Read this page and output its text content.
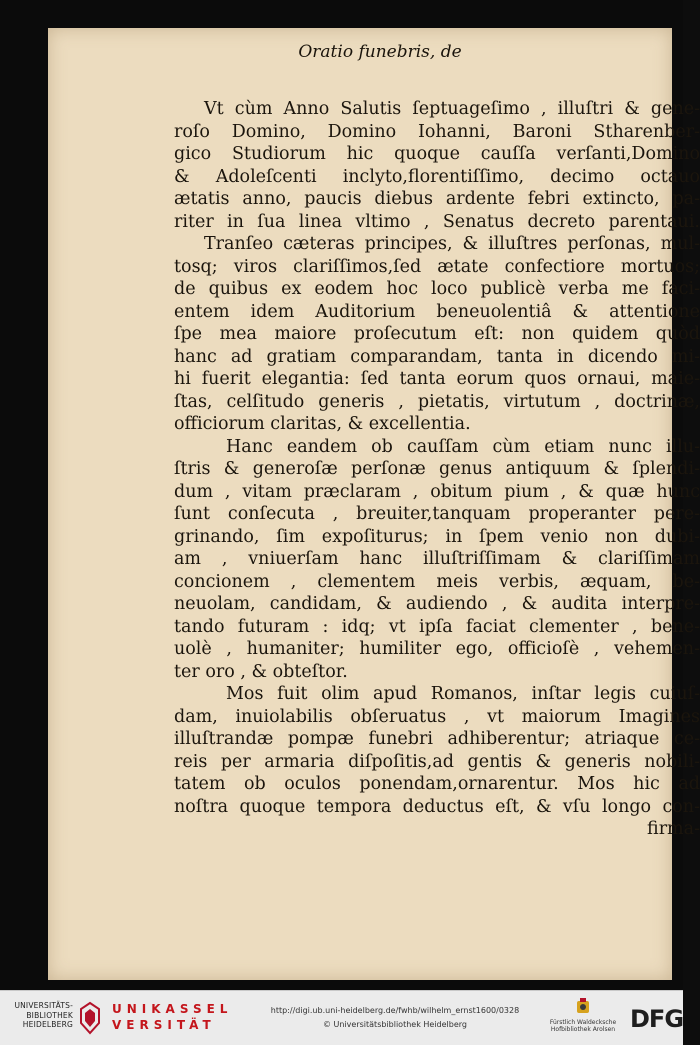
Oratio funebris, de
Vt cùm Anno Salutis ſeptuageſimo , illuſtri & gene-
roſo Domino, Domino Iohanni, Baroni Stharenber-
gico Studiorum hic quoque cauſſa verſanti,Domino
& Adoleſcenti inclyto,florentiſſimo, decimo octauo
ætatis anno, paucis diebus ardente febri extincto, pa-
riter in ſua linea vltimo , Senatus decreto parentaui.
Tranſeo cæteras principes, & illuſtres perſonas, mul-
tosq; viros clariſſimos,ſed ætate confectiore mortuos;
de quibus ex eodem hoc loco publicè verba me faci-
entem idem Auditorium beneuolentiâ & attentione
ſpe mea maiore proſecutum eſt: non quidem quòd
hanc ad gratiam comparandam, tanta in dicendo mi-
hi fuerit elegantia: ſed tanta eorum quos ornaui, maie-
ſtas, celſitudo generis , pietatis, virtutum , doctrinæ,
officiorum claritas, & excellentia.
Hanc eandem ob cauſſam cùm etiam nunc illu-
ſtris & generoſæ perſonæ genus antiquum & ſplendi-
dum , vitam præclaram , obitum pium , & quæ hunc
ſunt conſecuta , breuiter,tanquam properanter pere-
grinando, ſim expoſiturus; in ſpem venio non dubi-
am , vniuerſam hanc illuſtriſſimam & clariſſimam
concionem , clementem meis verbis, æquam, be-
neuolam, candidam, & audiendo , & audita interpre-
tando futuram : idq; vt ipſa faciat clementer , bene-
uolè , humaniter; humiliter ego, officioſè , vehemen-
ter oro , & obteſtor.
Mos fuit olim apud Romanos, inſtar legis cuiuſ-
dam, inuiolabilis obſeruatus , vt maiorum Imagines
illuſtrandæ pompæ funebri adhiberentur; atriaque ce-
reis per armaria diſpoſitis,ad gentis & generis nobili-
tatem ob oculos ponendam,ornarentur. Mos hic ad
noſtra quoque tempora deductus eſt, & vſu longo con-
firma-
UNIVERSITÄTS-
BIBLIOTHEK
HEIDELBERG
UNIKASSEL
VERSITÄT
http://digi.ub.uni-heidelberg.de/fwhb/wilhelm_ernst1600/0328
© Universitätsbibliothek Heidelberg	Fürstlich Waldecksche
Hofbibliothek Arolsen DFG
